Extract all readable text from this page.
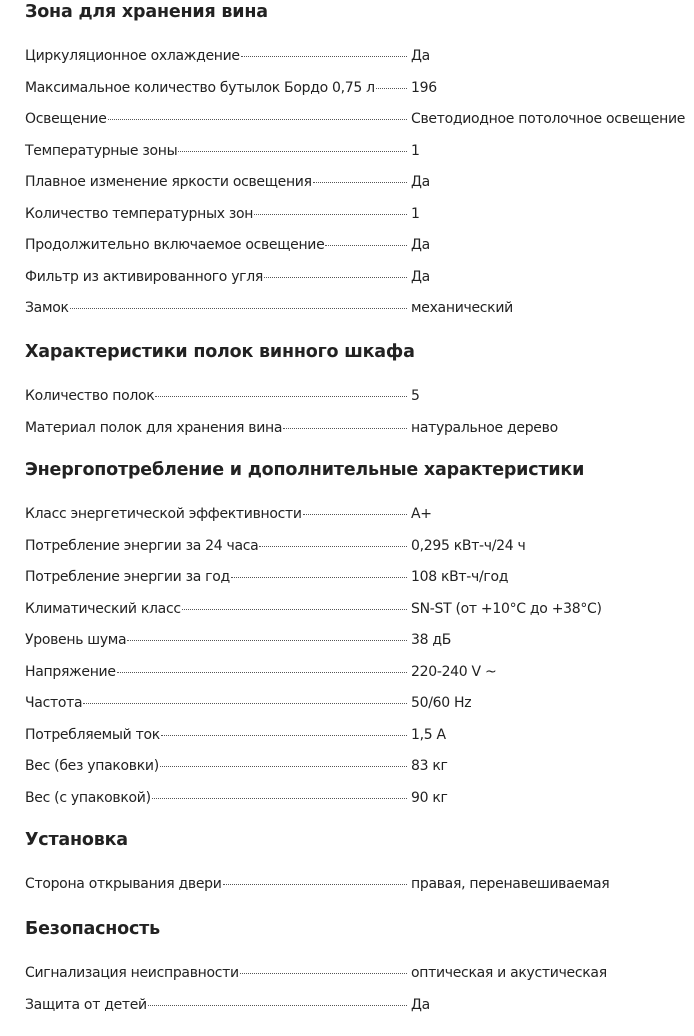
Зона для хранения вина
Циркуляционное охлаждение	Да
Максимальное количество бутылок Бордо 0,75 л	196
Освещение	Светодиодное потолочное освещение
Температурные зоны	1
Плавное изменение яркости освещения	Да
Количество температурных зон	1
Продолжительно включаемое освещение	Да
Фильтр из активированного угля	Да
Замок	механический
Характеристики полок винного шкафа
Количество полок	5
Материал полок для хранения вина	натуральное дерево
Энергопотребление и дополнительные характеристики
Класс энергетической эффективности	A+
Потребление энергии за 24 часа	0,295 кВт-ч/24 ч
Потребление энергии за год	108 кВт-ч/год
Климатический класс	SN-ST (от +10°C до +38°C)
Уровень шума	38 дБ
Напряжение	220-240 V ~
Частота	50/60 Hz
Потребляемый ток	1,5 A
Вес (без упаковки)	83 кг
Вес (с упаковкой)	90 кг
Установка
Сторона открывания двери	правая, перенавешиваемая
Безопасность
Сигнализация неисправности	оптическая и акустическая
Защита от детей	Да
